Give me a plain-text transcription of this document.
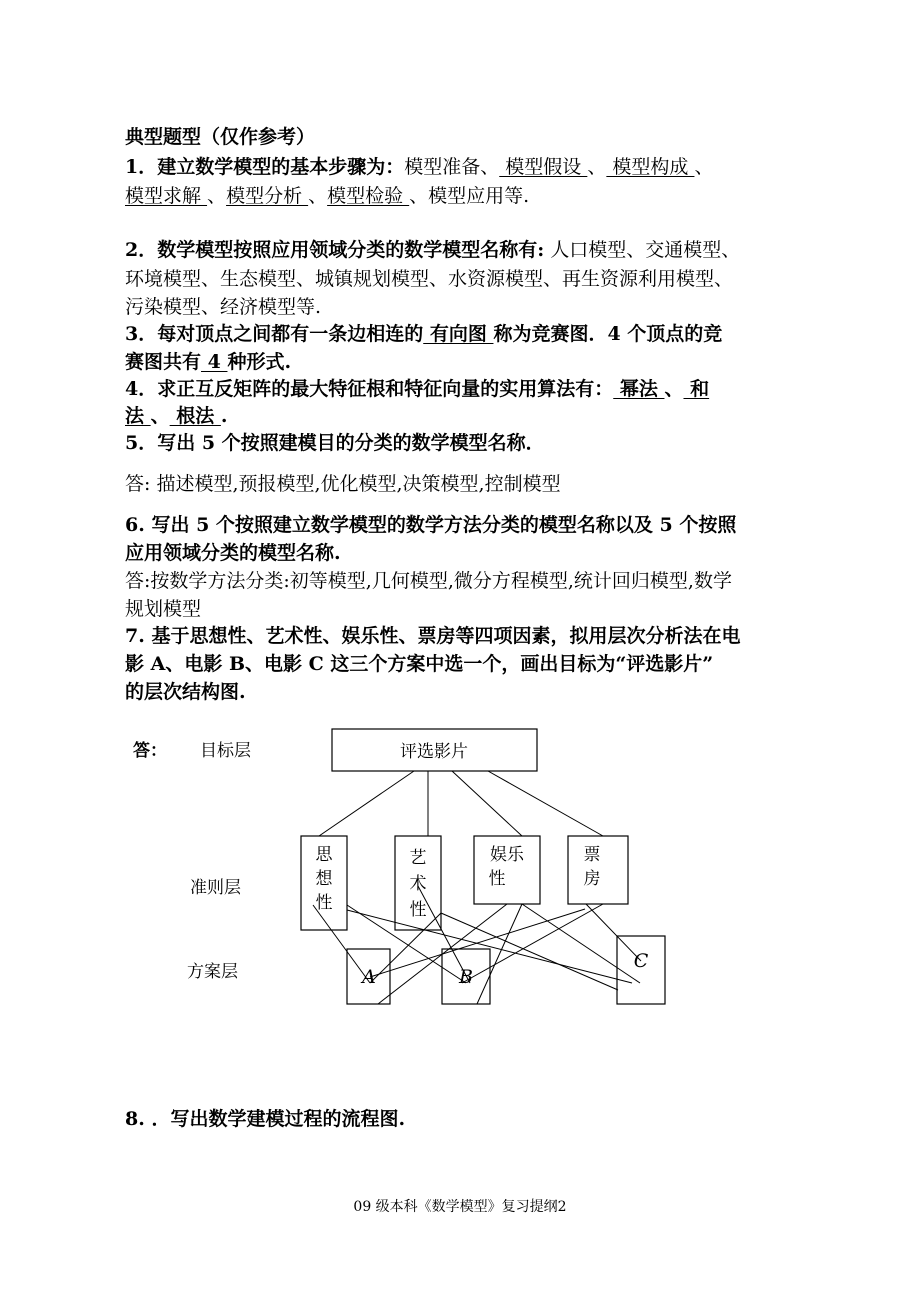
典型题型（仅作参考）
1．建立数学模型的基本步骤为：模型准备、 模型假设 、 模型构成 、
模型求解 、模型分析 、模型检验 、模型应用等.
2．数学模型按照应用领域分类的数学模型名称有: 人口模型、交通模型、
环境模型、生态模型、城镇规划模型、水资源模型、再生资源利用模型、
污染模型、经济模型等.
3．每对顶点之间都有一条边相连的 有向图 称为竞赛图．4 个顶点的竞
赛图共有 4 种形式.
4．求正互反矩阵的最大特征根和特征向量的实用算法有： 幂法 、 和
法 、 根法 .
5．写出 5 个按照建模目的分类的数学模型名称．
答: 描述模型,预报模型,优化模型,决策模型,控制模型
6. 写出 5 个按照建立数学模型的数学方法分类的模型名称以及 5 个按照
应用领域分类的模型名称.
答:按数学方法分类:初等模型,几何模型,微分方程模型,统计回归模型,数学
规划模型
7. 基于思想性、艺术性、娱乐性、票房等四项因素，拟用层次分析法在电
影 A、电影 B、电影 C 这三个方案中选一个，画出目标为“评选影片”
的层次结构图.
答： 目标层
准则层
方案层
评选影片
思
想
性
艺
术
性
娱乐
性
票
房
A	B
C
8. ．写出数学建模过程的流程图.
09 级本科《数学模型》复习提纲2
